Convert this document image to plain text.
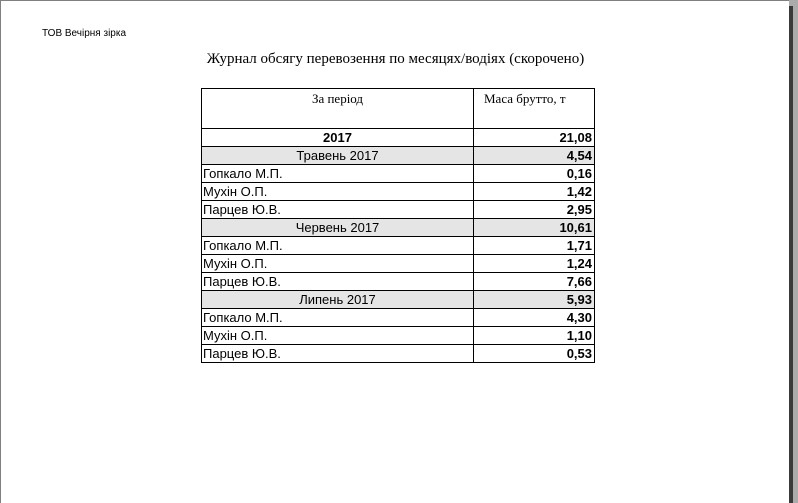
ТОВ Вечірня зірка
Журнал обсягу перевозення по месяцях/водіях (скорочено)
За період	Маса брутто, т
2017	21,08
Травень 2017	4,54
Гопкало М.П.	0,16
Мухін О.П.	1,42
Парцев Ю.В.	2,95
Червень 2017	10,61
Гопкало М.П.	1,71
Мухін О.П.	1,24
Парцев Ю.В.	7,66
Липень 2017	5,93
Гопкало М.П.	4,30
Мухін О.П.	1,10
Парцев Ю.В.	0,53
